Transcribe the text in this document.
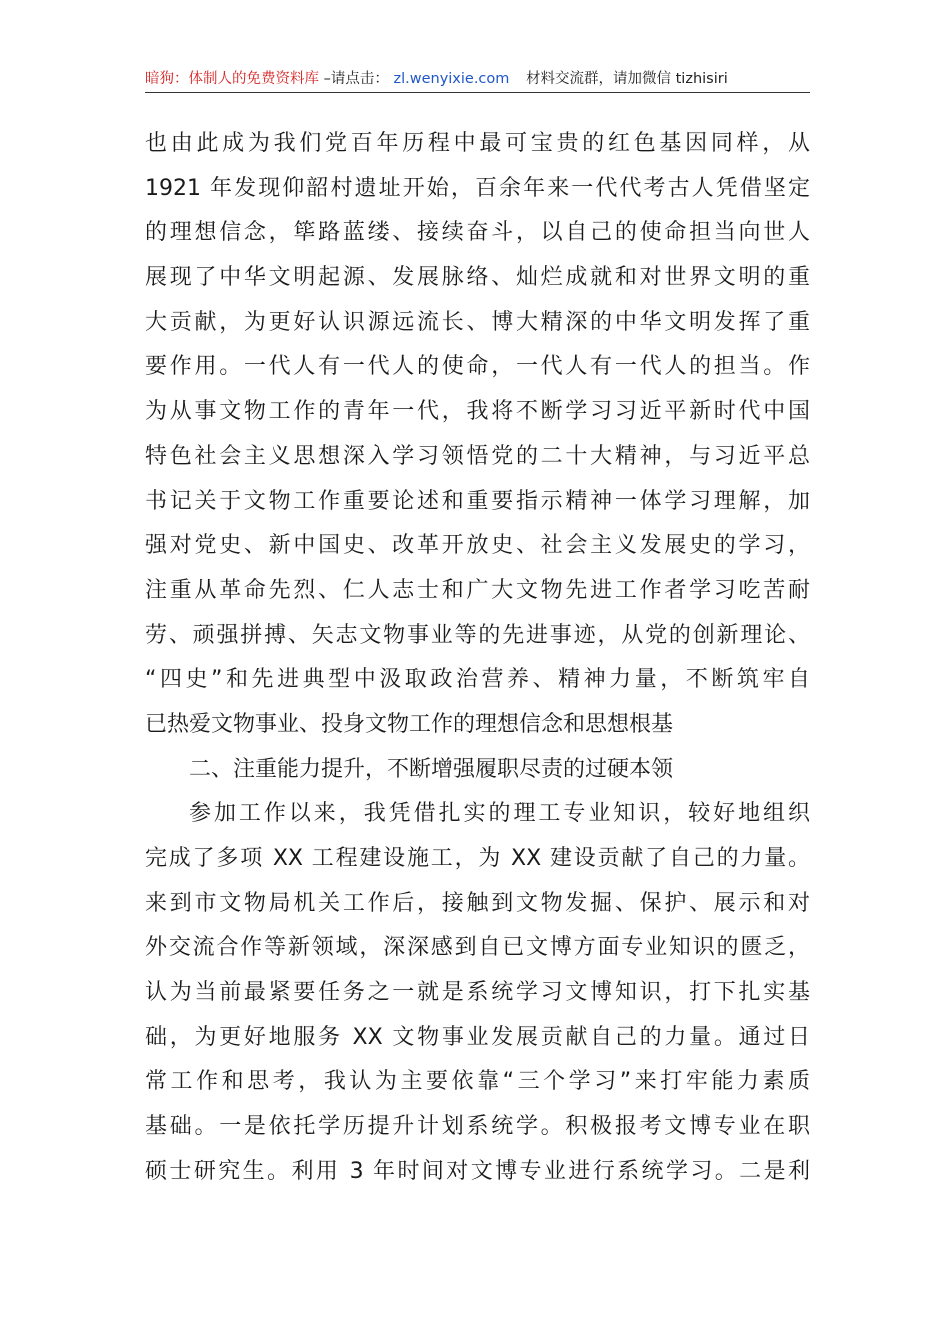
暗狗：体制人的免费资料库 –请点击： zl.wenyixie.com 材料交流群，请加微信 tizhisiri
也由此成为我们党百年历程中最可宝贵的红色基因同样，从
1921 年发现仰韶村遗址开始，百余年来一代代考古人凭借坚定
的理想信念，筚路蓝缕、接续奋斗，以自己的使命担当向世人
展现了中华文明起源、发展脉络、灿烂成就和对世界文明的重
大贡献，为更好认识源远流长、博大精深的中华文明发挥了重
要作用。一代人有一代人的使命，一代人有一代人的担当。作
为从事文物工作的青年一代，我将不断学习习近平新时代中国
特色社会主义思想深入学习领悟党的二十大精神，与习近平总
书记关于文物工作重要论述和重要指示精神一体学习理解，加
强对党史、新中国史、改革开放史、社会主义发展史的学习，
注重从革命先烈、仁人志士和广大文物先进工作者学习吃苦耐
劳、顽强拼搏、矢志文物事业等的先进事迹，从党的创新理论、
“四史”和先进典型中汲取政治营养、精神力量，不断筑牢自
已热爱文物事业、投身文物工作的理想信念和思想根基
二、注重能力提升，不断增强履职尽责的过硬本领
参加工作以来，我凭借扎实的理工专业知识，较好地组织
完成了多项 XX 工程建设施工，为 XX 建设贡献了自己的力量。
来到市文物局机关工作后，接触到文物发掘、保护、展示和对
外交流合作等新领域，深深感到自已文博方面专业知识的匮乏，
认为当前最紧要任务之一就是系统学习文博知识，打下扎实基
础，为更好地服务 XX 文物事业发展贡献自己的力量。通过日
常工作和思考，我认为主要依靠“三个学习”来打牢能力素质
基础。一是依托学历提升计划系统学。积极报考文博专业在职
硕士研究生。利用 3 年时间对文博专业进行系统学习。二是利
